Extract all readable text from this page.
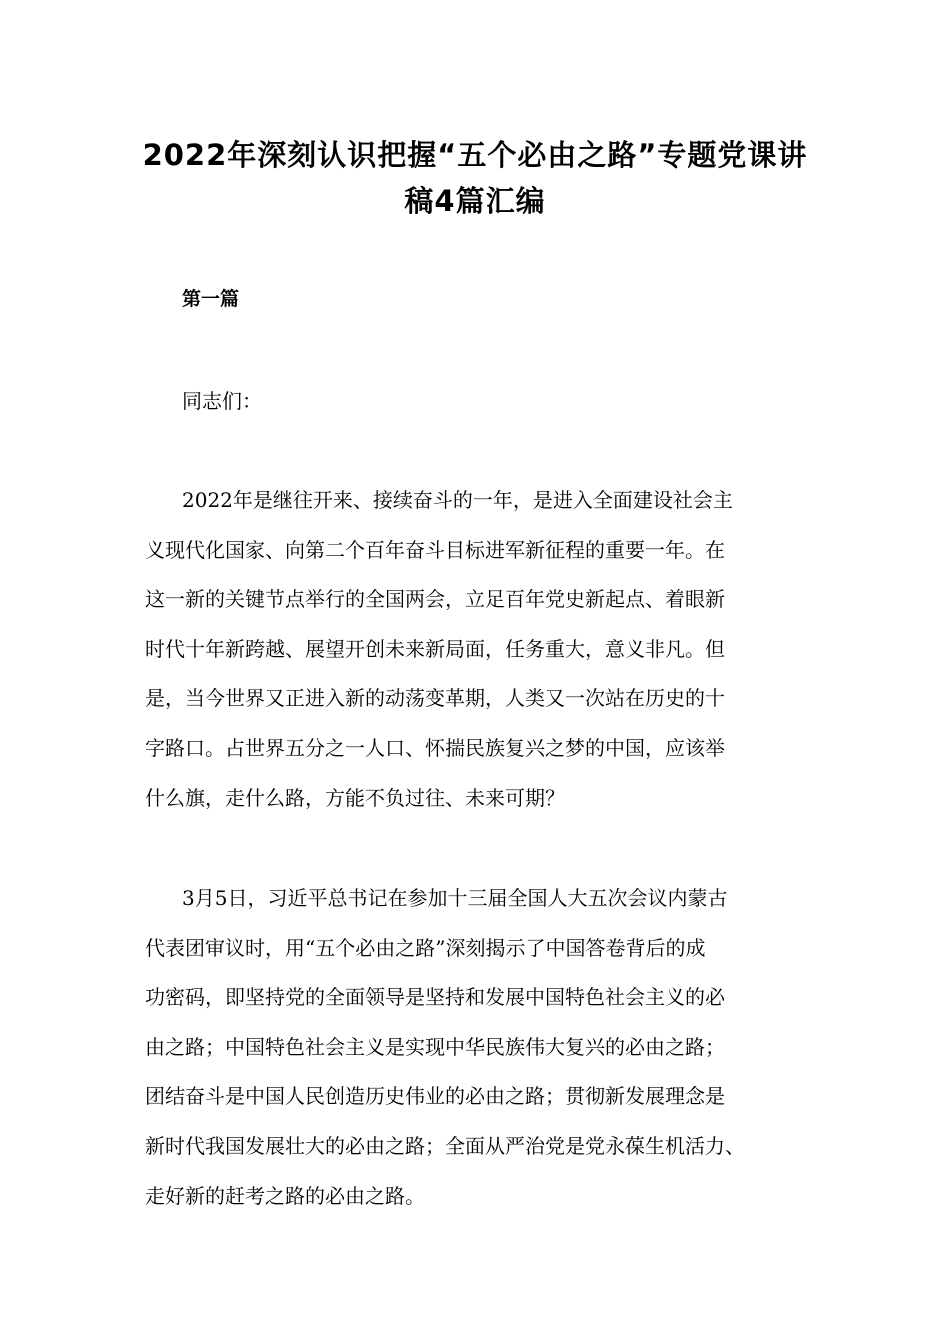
2022年深刻认识把握“五个必由之路”专题党课讲
稿4篇汇编
第一篇
同志们：
2022年是继往开来、接续奋斗的一年，是进入全面建设社会主
义现代化国家、向第二个百年奋斗目标进军新征程的重要一年。在
这一新的关键节点举行的全国两会，立足百年党史新起点、着眼新
时代十年新跨越、展望开创未来新局面，任务重大，意义非凡。但
是，当今世界又正进入新的动荡变革期，人类又一次站在历史的十
字路口。占世界五分之一人口、怀揣民族复兴之梦的中国，应该举
什么旗，走什么路，方能不负过往、未来可期？
3月5日，习近平总书记在参加十三届全国人大五次会议内蒙古
代表团审议时，用“五个必由之路”深刻揭示了中国答卷背后的成
功密码，即坚持党的全面领导是坚持和发展中国特色社会主义的必
由之路；中国特色社会主义是实现中华民族伟大复兴的必由之路；
团结奋斗是中国人民创造历史伟业的必由之路；贯彻新发展理念是
新时代我国发展壮大的必由之路；全面从严治党是党永葆生机活力、
走好新的赶考之路的必由之路。
